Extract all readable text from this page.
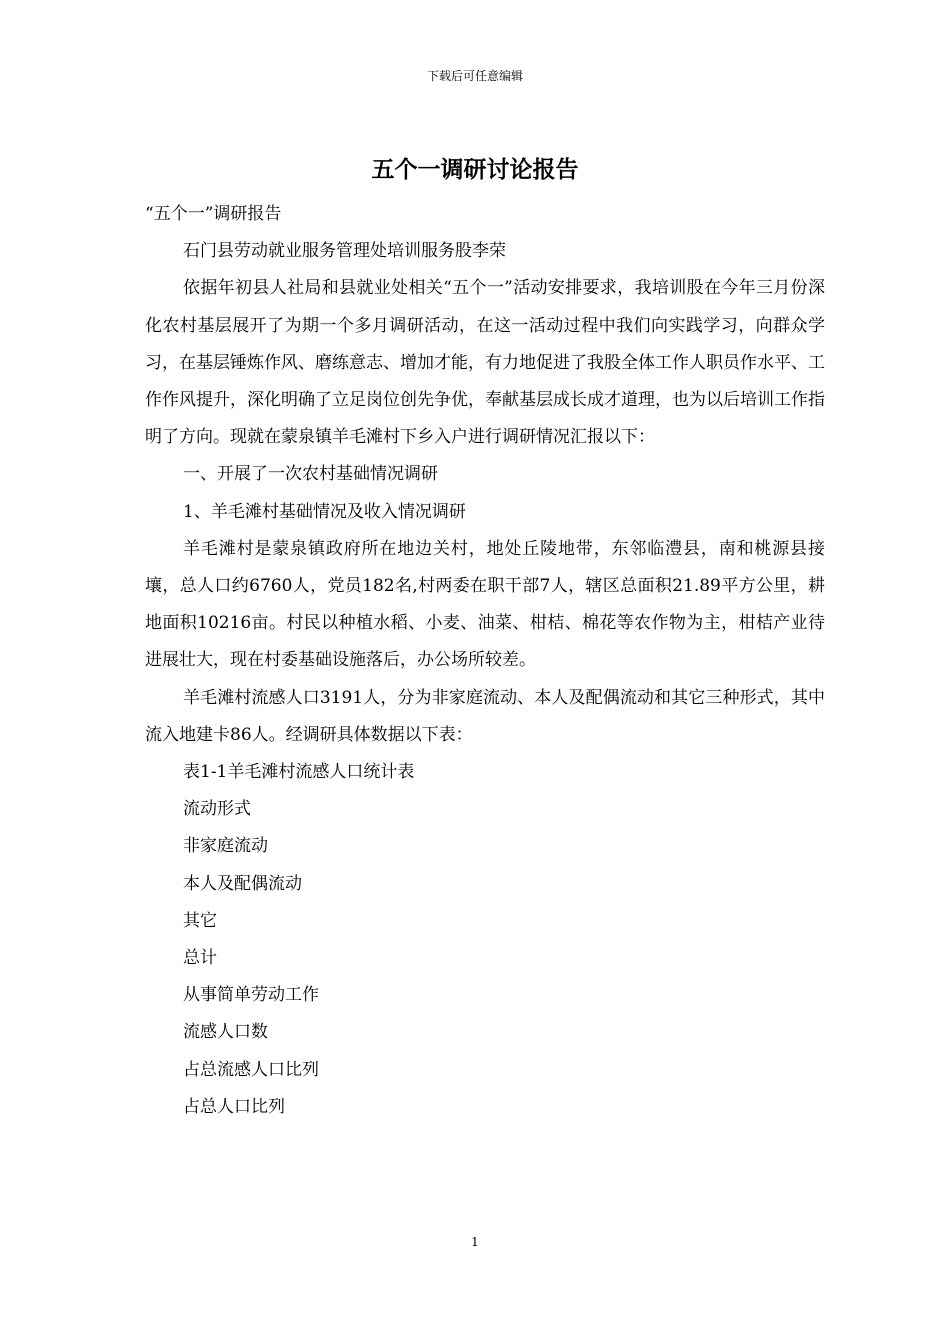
下载后可任意编辑
五个一调研讨论报告

“五个一”调研报告

石门县劳动就业服务管理处培训服务股李荣

依据年初县人社局和县就业处相关“五个一”活动安排要求，我培训股在今年三月份深化农村基层展开了为期一个多月调研活动，在这一活动过程中我们向实践学习，向群众学习，在基层锤炼作风、磨练意志、增加才能，有力地促进了我股全体工作人职员作水平、工作作风提升，深化明确了立足岗位创先争优，奉献基层成长成才道理，也为以后培训工作指明了方向。现就在蒙泉镇羊毛滩村下乡入户进行调研情况汇报以下：

一、开展了一次农村基础情况调研

1、羊毛滩村基础情况及收入情况调研

羊毛滩村是蒙泉镇政府所在地边关村，地处丘陵地带，东邻临澧县，南和桃源县接壤，总人口约6760人，党员182名,村两委在职干部7人，辖区总面积21.89平方公里，耕地面积10216亩。村民以种植水稻、小麦、油菜、柑桔、棉花等农作物为主，柑桔产业待进展壮大，现在村委基础设施落后，办公场所较差。

羊毛滩村流感人口3191人，分为非家庭流动、本人及配偶流动和其它三种形式，其中流入地建卡86人。经调研具体数据以下表：

表1-1羊毛滩村流感人口统计表

流动形式

非家庭流动

本人及配偶流动

其它

总计

从事简单劳动工作

流感人口数

占总流感人口比列

占总人口比列

1
